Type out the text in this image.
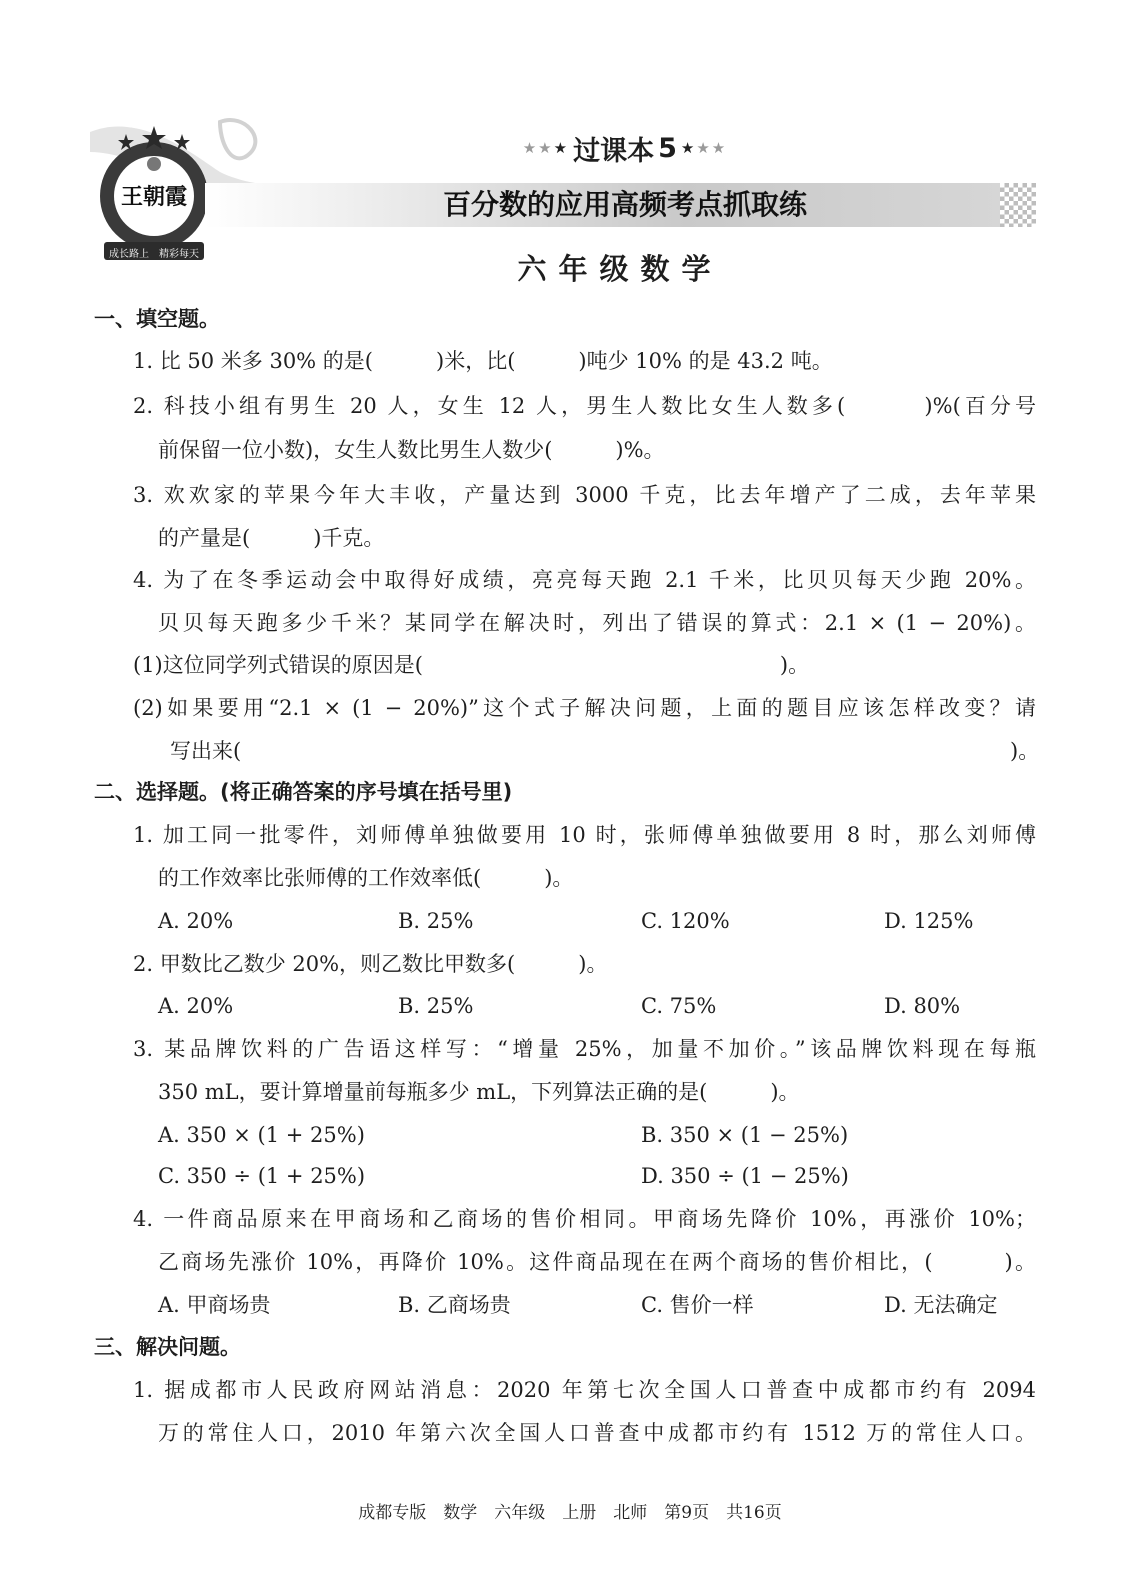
王朝霞
成长路上 精彩每天
★★★ 过课本 5 ★★★
百分数的应用高频考点抓取练
六年级数学
一、填空题。
1. 比 50 米多 30% 的是(　　　)米，比(　　　)吨少 10% 的是 43.2 吨。
2. 科技小组有男生 20 人，女生 12 人，男生人数比女生人数多(　　　)%(百分号
前保留一位小数)，女生人数比男生人数少(　　　)%。
3. 欢欢家的苹果今年大丰收，产量达到 3000 千克，比去年增产了二成，去年苹果
的产量是(　　　)千克。
4. 为了在冬季运动会中取得好成绩，亮亮每天跑 2.1 千米，比贝贝每天少跑 20%。
贝贝每天跑多少千米？某同学在解决时，列出了错误的算式：2.1 × (1 − 20%)。
(1)这位同学列式错误的原因是(　　　　　　　　　　　　　　　　　)。
(2)如果要用“2.1 × (1 − 20%)”这个式子解决问题，上面的题目应该怎样改变？请
写出来(	)。
二、选择题。(将正确答案的序号填在括号里)
1. 加工同一批零件，刘师傅单独做要用 10 时，张师傅单独做要用 8 时，那么刘师傅
的工作效率比张师傅的工作效率低(　　　)。
A. 20%	B. 25%	C. 120%	D. 125%
2. 甲数比乙数少 20%，则乙数比甲数多(　　　)。
A. 20%	B. 25%	C. 75%	D. 80%
3. 某品牌饮料的广告语这样写：“增量 25%，加量不加价。”该品牌饮料现在每瓶
350 mL，要计算增量前每瓶多少 mL，下列算法正确的是(　　　)。
A. 350 × (1 + 25%)	B. 350 × (1 − 25%)
C. 350 ÷ (1 + 25%)	D. 350 ÷ (1 − 25%)
4. 一件商品原来在甲商场和乙商场的售价相同。甲商场先降价 10%，再涨价 10%；
乙商场先涨价 10%，再降价 10%。这件商品现在在两个商场的售价相比，(　　　)。
A. 甲商场贵	B. 乙商场贵	C. 售价一样	D. 无法确定
三、解决问题。
1. 据成都市人民政府网站消息：2020 年第七次全国人口普查中成都市约有 2094
万的常住人口，2010 年第六次全国人口普查中成都市约有 1512 万的常住人口。
成都专版　数学　六年级　上册　北师　第9页　共16页
